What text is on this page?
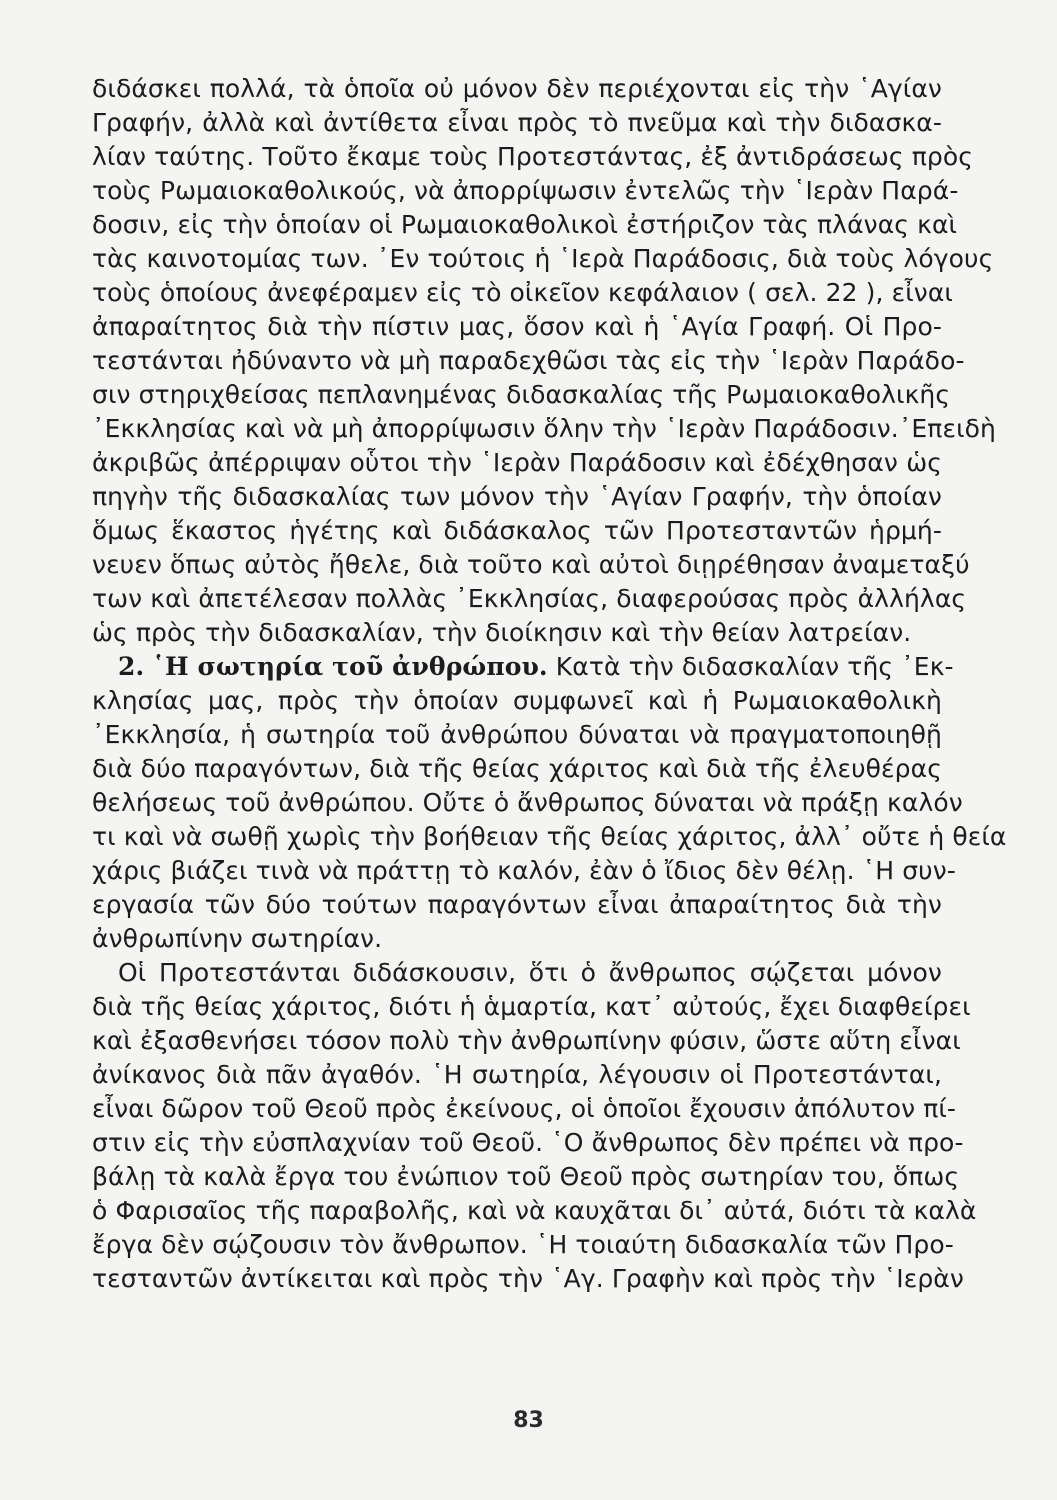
διδάσκει πολλά, τὰ ὁποῖα οὐ μόνον δὲν περιέχονται εἰς τὴν ῾Αγίαν
Γραφήν, ἀλλὰ καὶ ἀντίθετα εἶναι πρὸς τὸ πνεῦμα καὶ τὴν διδασκα-
λίαν ταύτης. Τοῦτο ἔκαμε τοὺς Προτεστάντας, ἐξ ἀντιδράσεως πρὸς
τοὺς Ρωμαιοκαθολικούς, νὰ ἀπορρίψωσιν ἐντελῶς τὴν ῾Ιερὰν Παρά-
δοσιν, εἰς τὴν ὁποίαν οἱ Ρωμαιοκαθολικοὶ ἐστήριζον τὰς πλάνας καὶ
τὰς καινοτομίας των. ᾿Εν τούτοις ἡ ῾Ιερὰ Παράδοσις, διὰ τοὺς λόγους
τοὺς ὁποίους ἀνεφέραμεν εἰς τὸ οἰκεῖον κεφάλαιον ( σελ. 22 ), εἶναι
ἀπαραίτητος διὰ τὴν πίστιν μας, ὅσον καὶ ἡ ῾Αγία Γραφή. Οἱ Προ-
τεστάνται ἠδύναντο νὰ μὴ παραδεχθῶσι τὰς εἰς τὴν ῾Ιερὰν Παράδο-
σιν στηριχθείσας πεπλανημένας διδασκαλίας τῆς Ρωμαιοκαθολικῆς
᾿Εκκλησίας καὶ νὰ μὴ ἀπορρίψωσιν ὅλην τὴν ῾Ιερὰν Παράδοσιν.᾿Επειδὴ
ἀκριβῶς ἀπέρριψαν οὗτοι τὴν ῾Ιερὰν Παράδοσιν καὶ ἐδέχθησαν ὡς
πηγὴν τῆς διδασκαλίας των μόνον τὴν ῾Αγίαν Γραφήν, τὴν ὁποίαν
ὅμως ἕκαστος ἡγέτης καὶ διδάσκαλος τῶν Προτεσταντῶν ἡρμή-
νευεν ὅπως αὐτὸς ἤθελε, διὰ τοῦτο καὶ αὐτοὶ διῃρέθησαν ἀναμεταξύ
των καὶ ἀπετέλεσαν πολλὰς ᾿Εκκλησίας, διαφερούσας πρὸς ἀλλήλας
ὡς πρὸς τὴν διδασκαλίαν, τὴν διοίκησιν καὶ τὴν θείαν λατρείαν.
2. ῾Η σωτηρία τοῦ ἀνθρώπου. Κατὰ τὴν διδασκαλίαν τῆς ᾿Εκ-
κλησίας μας, πρὸς τὴν ὁποίαν συμφωνεῖ καὶ ἡ Ρωμαιοκαθολικὴ
᾿Εκκλησία, ἡ σωτηρία τοῦ ἀνθρώπου δύναται νὰ πραγματοποιηθῇ
διὰ δύο παραγόντων, διὰ τῆς θείας χάριτος καὶ διὰ τῆς ἐλευθέρας
θελήσεως τοῦ ἀνθρώπου. Οὔτε ὁ ἄνθρωπος δύναται νὰ πράξῃ καλόν
τι καὶ νὰ σωθῇ χωρὶς τὴν βοήθειαν τῆς θείας χάριτος, ἀλλ᾿ οὔτε ἡ θεία
χάρις βιάζει τινὰ νὰ πράττῃ τὸ καλόν, ἐὰν ὁ ἴδιος δὲν θέλῃ. ῾Η συν-
εργασία τῶν δύο τούτων παραγόντων εἶναι ἀπαραίτητος διὰ τὴν
ἀνθρωπίνην σωτηρίαν.
Οἱ Προτεστάνται διδάσκουσιν, ὅτι ὁ ἄνθρωπος σῴζεται μόνον
διὰ τῆς θείας χάριτος, διότι ἡ ἁμαρτία, κατ᾿ αὐτούς, ἔχει διαφθείρει
καὶ ἐξασθενήσει τόσον πολὺ τὴν ἀνθρωπίνην φύσιν, ὥστε αὕτη εἶναι
ἀνίκανος διὰ πᾶν ἀγαθόν. ῾Η σωτηρία, λέγουσιν οἱ Προτεστάνται,
εἶναι δῶρον τοῦ Θεοῦ πρὸς ἐκείνους, οἱ ὁποῖοι ἔχουσιν ἀπόλυτον πί-
στιν εἰς τὴν εὐσπλαχνίαν τοῦ Θεοῦ. ῾Ο ἄνθρωπος δὲν πρέπει νὰ προ-
βάλῃ τὰ καλὰ ἔργα του ἐνώπιον τοῦ Θεοῦ πρὸς σωτηρίαν του, ὅπως
ὁ Φαρισαῖος τῆς παραβολῆς, καὶ νὰ καυχᾶται δι᾿ αὐτά, διότι τὰ καλὰ
ἔργα δὲν σῴζουσιν τὸν ἄνθρωπον. ῾Η τοιαύτη διδασκαλία τῶν Προ-
τεσταντῶν ἀντίκειται καὶ πρὸς τὴν ῾Αγ. Γραφὴν καὶ πρὸς τὴν ῾Ιερὰν
83
